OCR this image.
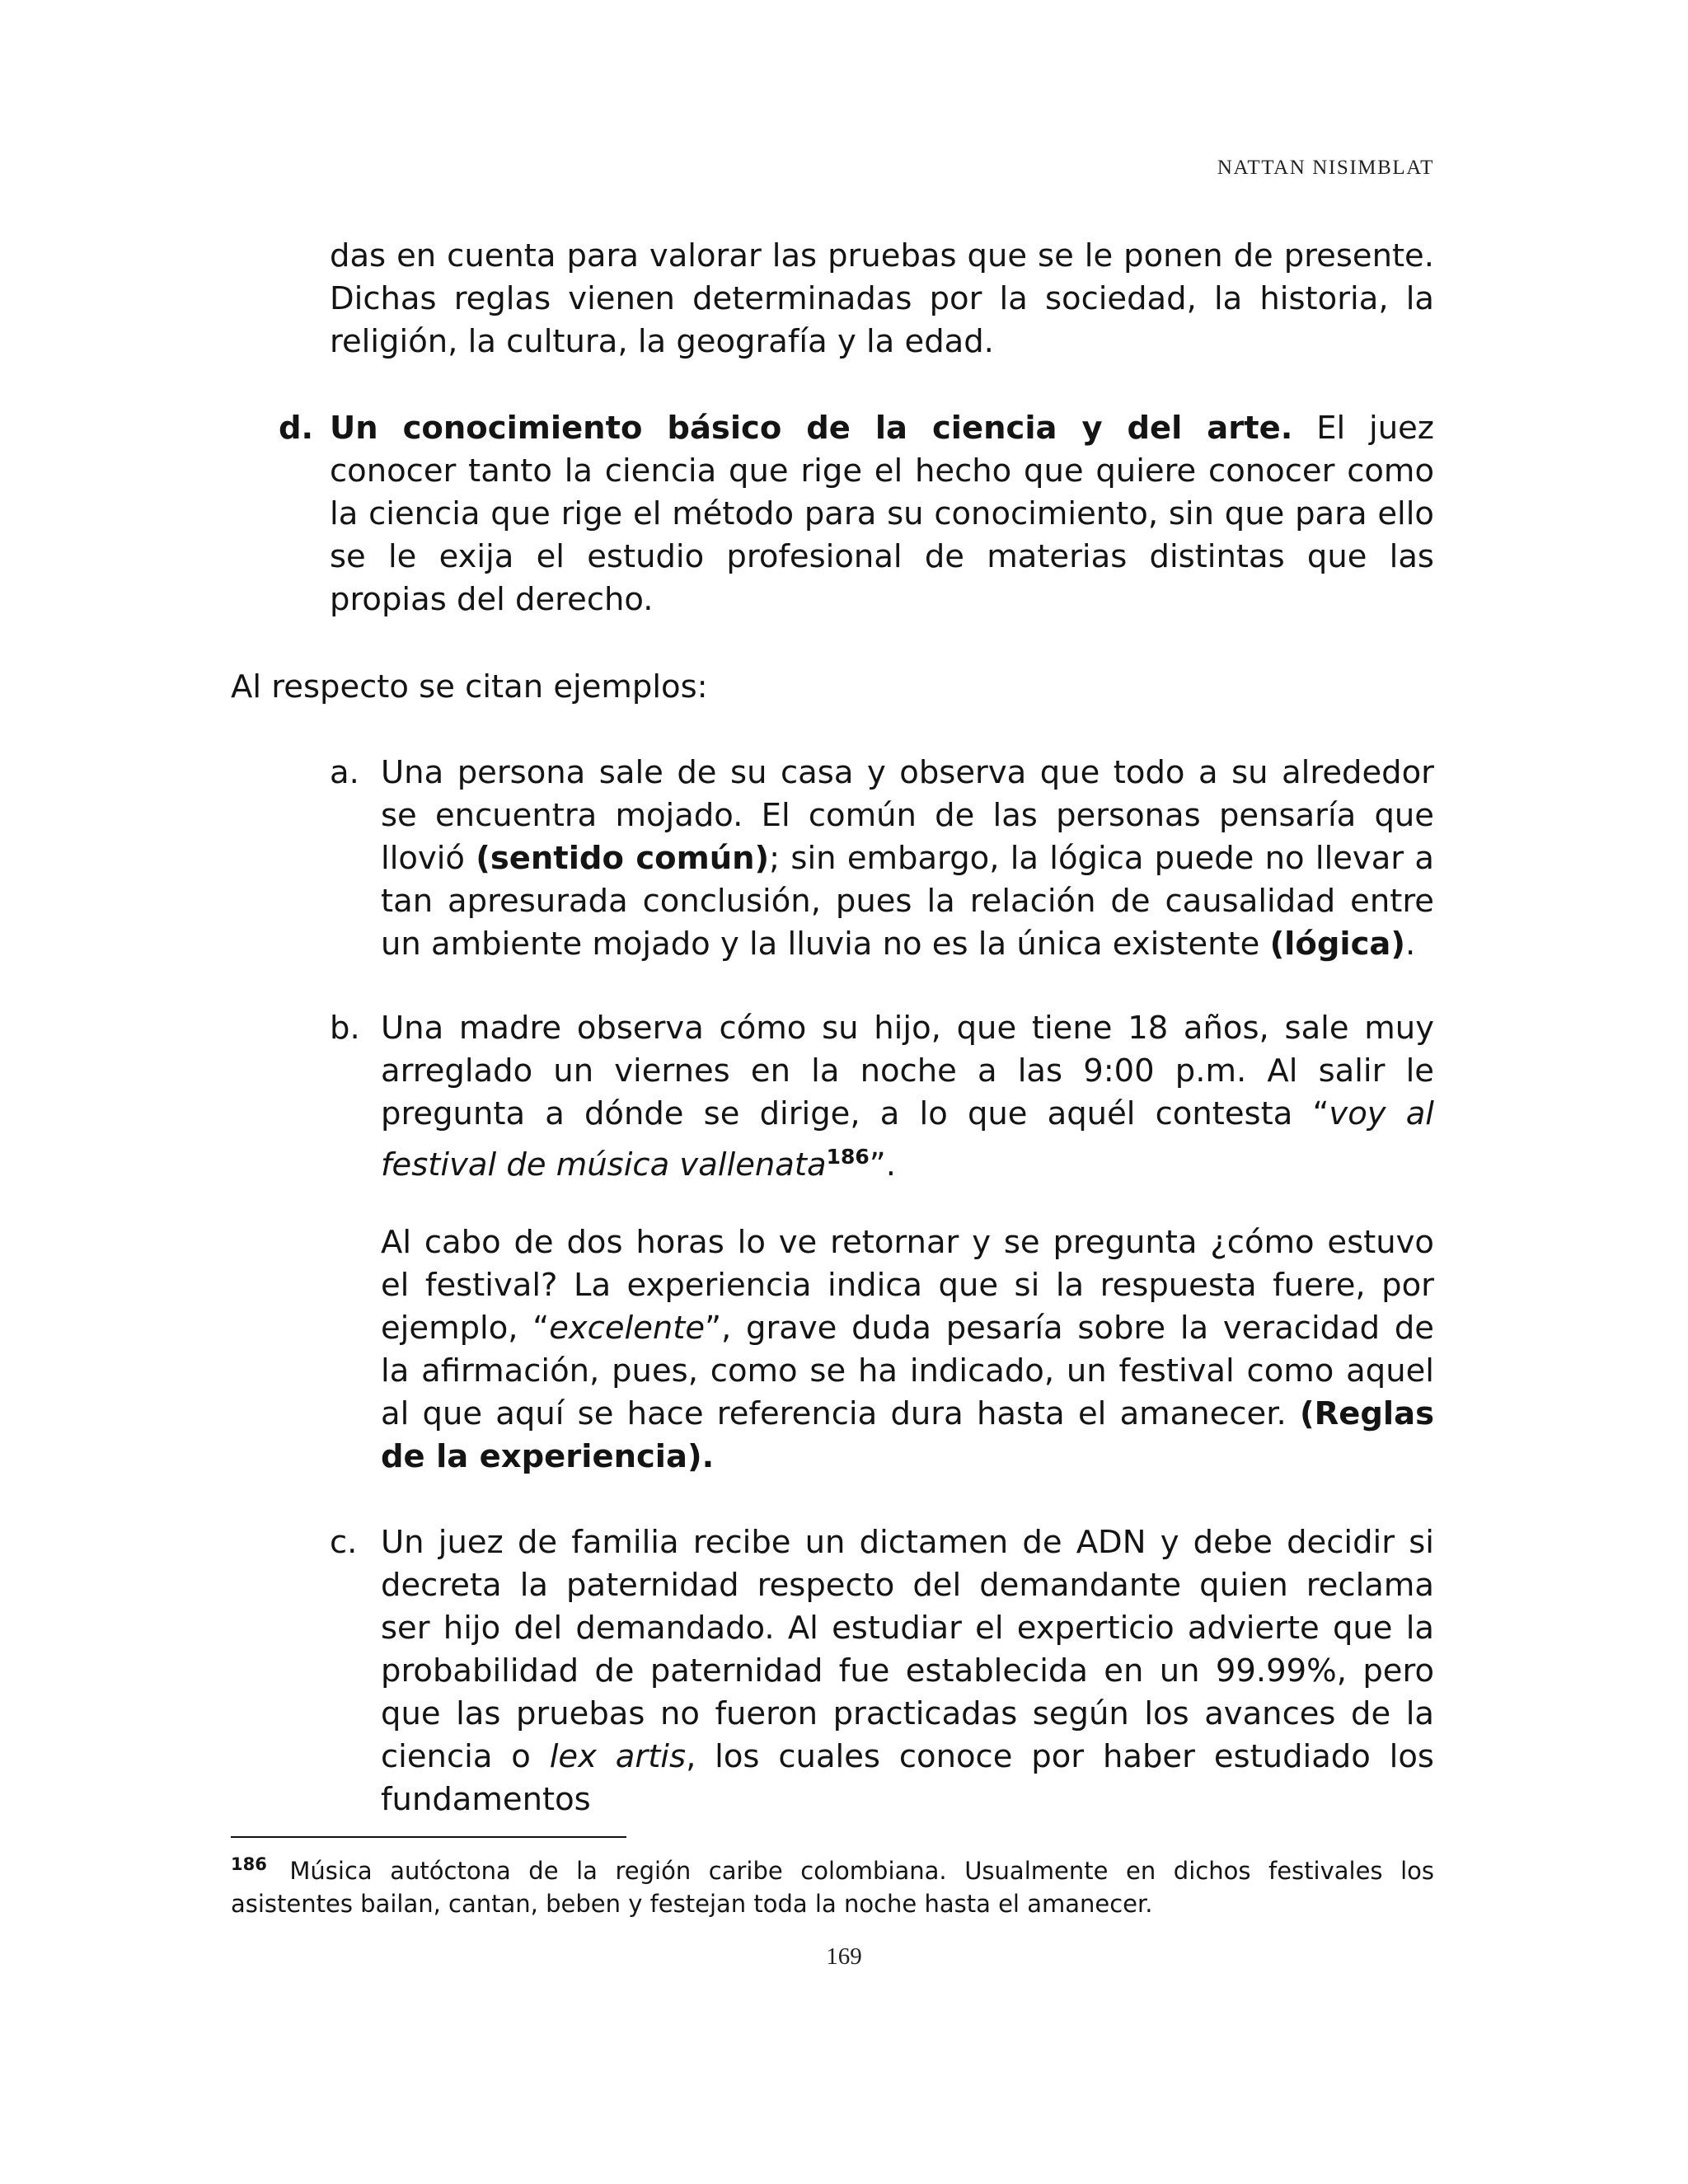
NATTAN NISIMBLAT

das en cuenta para valorar las pruebas que se le ponen de presente. Dichas reglas vienen determinadas por la sociedad, la historia, la religión, la cultura, la geografía y la edad.

d. Un conocimiento básico de la ciencia y del arte. El juez conocer tanto la ciencia que rige el hecho que quiere conocer como la ciencia que rige el método para su conocimiento, sin que para ello se le exija el estudio profesional de materias distintas que las propias del derecho.

Al respecto se citan ejemplos:

a. Una persona sale de su casa y observa que todo a su alrededor se encuentra mojado. El común de las personas pensaría que llovió (sentido común); sin embargo, la lógica puede no llevar a tan apresurada conclusión, pues la relación de causalidad entre un ambiente mojado y la lluvia no es la única existente (lógica).
b. Una madre observa cómo su hijo, que tiene 18 años, sale muy arreglado un viernes en la noche a las 9:00 p.m. Al salir le pregunta a dónde se dirige, a lo que aquél contesta “voy al festival de música vallenata$^{186}$”.
Al cabo de dos horas lo ve retornar y se pregunta ¿cómo estuvo el festival? La experiencia indica que si la respuesta fuere, por ejemplo, “excelente”, grave duda pesaría sobre la veracidad de la afirmación, pues, como se ha indicado, un festival como aquel al que aquí se hace referencia dura hasta el amanecer. (Reglas de la experiencia).
c. Un juez de familia recibe un dictamen de ADN y debe decidir si decreta la paternidad respecto del demandante quien reclama ser hijo del demandado. Al estudiar el experticio advierte que la probabilidad de paternidad fue establecida en un 99.99%, pero que las pruebas no fueron practicadas según los avances de la ciencia o lex artis, los cuales conoce por haber estudiado los fundamentos
$^{186}$ Música autóctona de la región caribe colombiana. Usualmente en dichos festivales los asistentes bailan, cantan, beben y festejan toda la noche hasta el amanecer.
169
